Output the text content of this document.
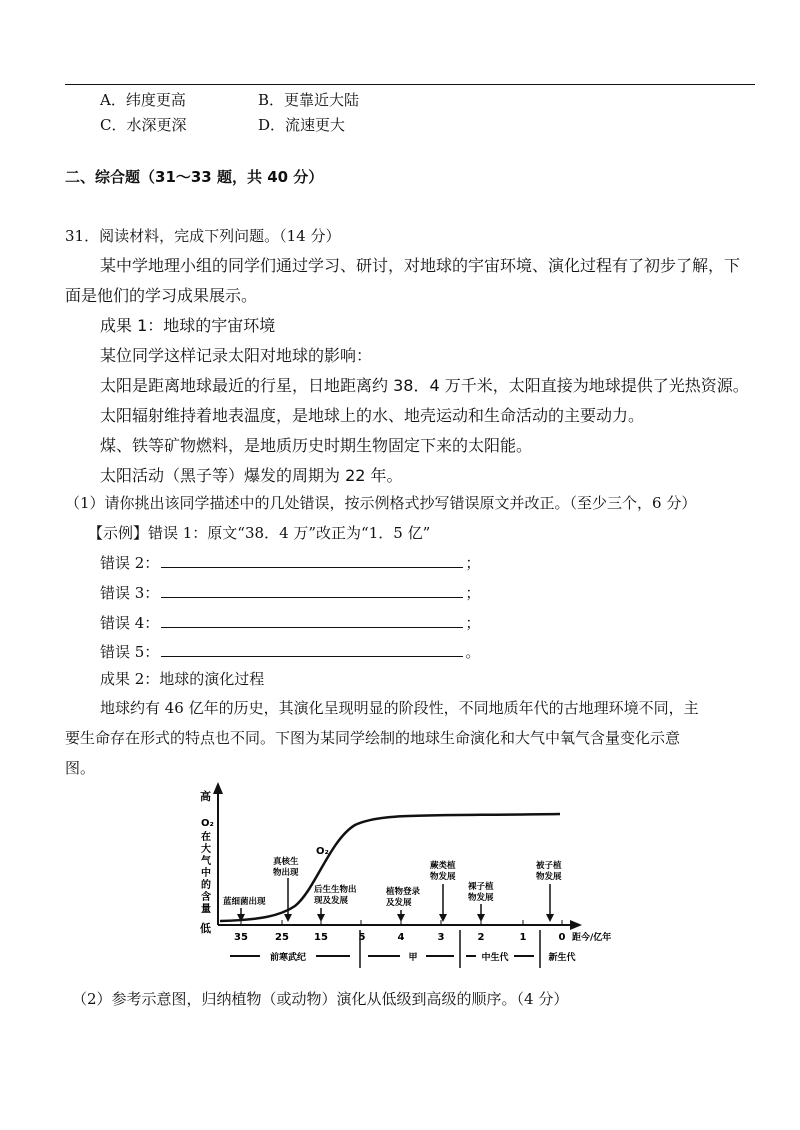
A．纬度更高	B．更靠近大陆
C．水深更深	D．流速更大
二、综合题（31～33 题，共 40 分）
31．阅读材料，完成下列问题。（14 分）
某中学地理小组的同学们通过学习、研讨，对地球的宇宙环境、演化过程有了初步了解，下
面是他们的学习成果展示。
成果 1：地球的宇宙环境
某位同学这样记录太阳对地球的影响：
太阳是距离地球最近的行星，日地距离约 38．4 万千米，太阳直接为地球提供了光热资源。
太阳辐射维持着地表温度，是地球上的水、地壳运动和生命活动的主要动力。
煤、铁等矿物燃料，是地质历史时期生物固定下来的太阳能。
太阳活动（黑子等）爆发的周期为 22 年。
（1）请你挑出该同学描述中的几处错误，按示例格式抄写错误原文并改正。（至少三个，6 分）
【示例】错误 1：原文“38．4 万”改正为“1．5 亿”
错误 2：	；
错误 3：	；
错误 4：	；
错误 5：	。
成果 2：地球的演化过程
地球约有 46 亿年的历史，其演化呈现明显的阶段性，不同地质年代的古地理环境不同，主
要生命存在形式的特点也不同。下图为某同学绘制的地球生命演化和大气中氧气含量变化示意
图。
高
低
O₂ 在 大 气 中 的 含 量
O₂
35	25	15	5	4	3	2	1	0 距今/亿年
前寒武纪	甲	中生代	新生代
蓝细菌出现
真核生物出现
后生生物出现及发展
植物登录及发展
蕨类植物发展
裸子植物发展
被子植物发展
（2）参考示意图，归纳植物（或动物）演化从低级到高级的顺序。（4 分）
